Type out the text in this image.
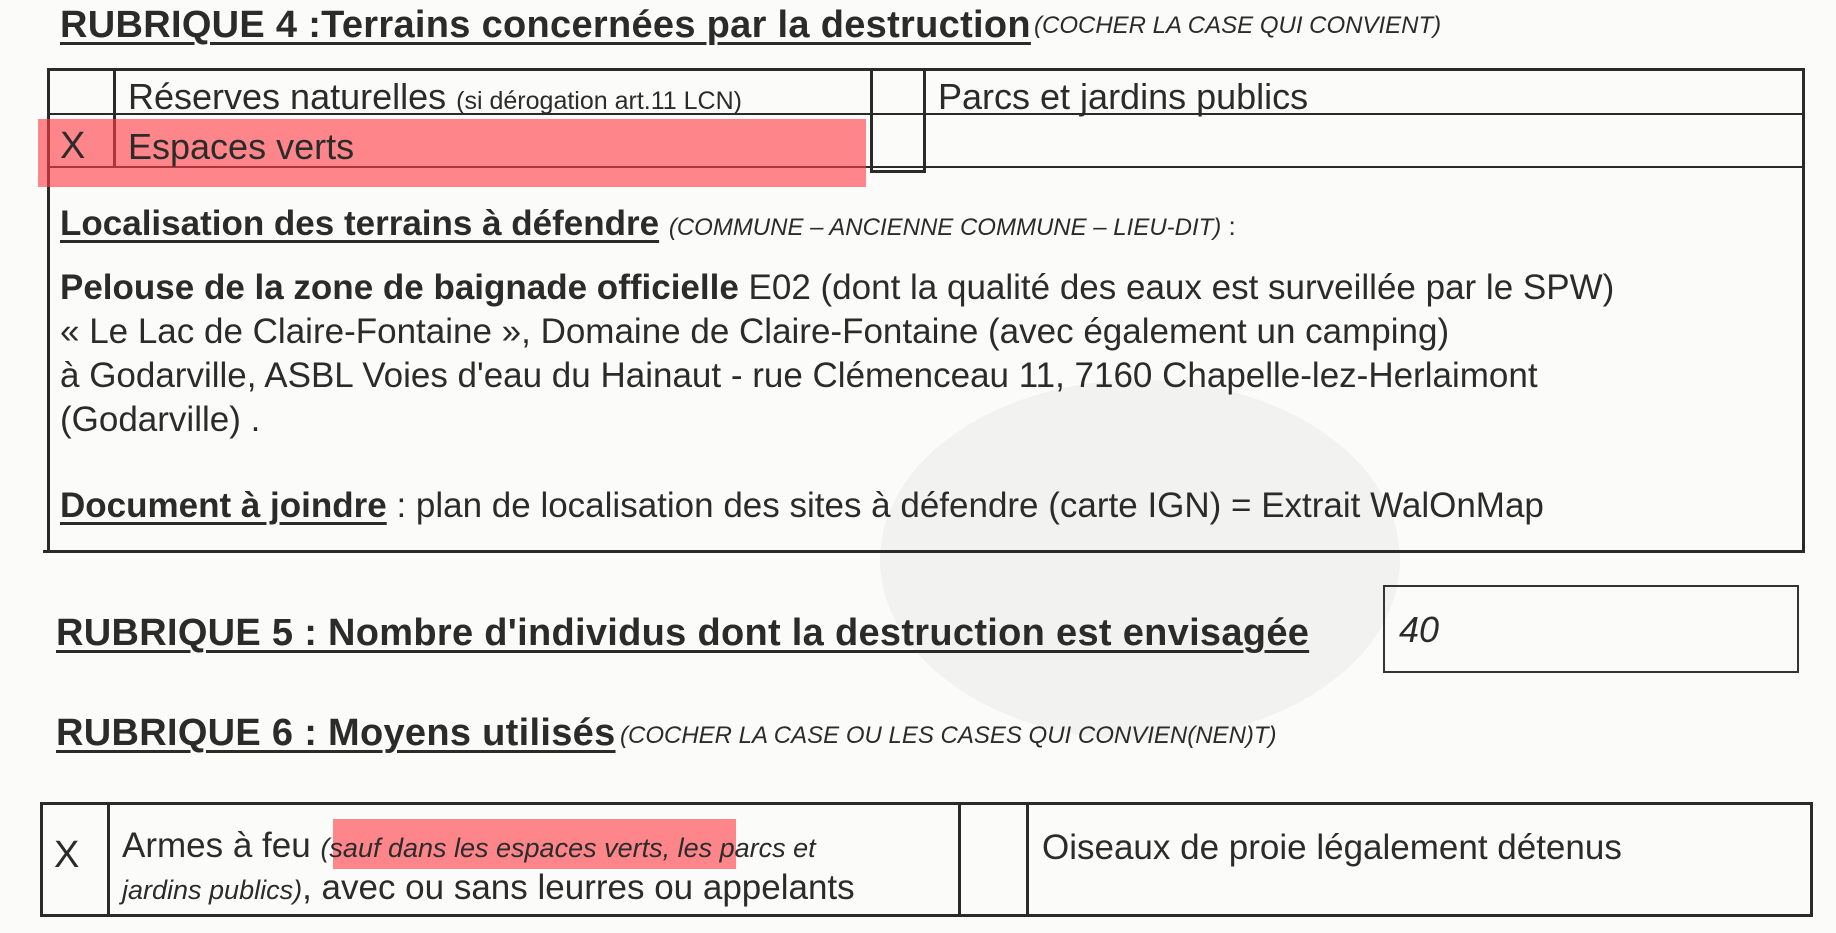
RUBRIQUE 4 :Terrains concernées par la destruction (COCHER LA CASE QUI CONVIENT)
Réserves naturelles (si dérogation art.11 LCN)
X Espaces verts
Parcs et jardins publics
Localisation des terrains à défendre (COMMUNE – ANCIENNE COMMUNE – LIEU-DIT) :
Pelouse de la zone de baignade officielle E02 (dont la qualité des eaux est surveillée par le SPW)
« Le Lac de Claire-Fontaine », Domaine de Claire-Fontaine (avec également un camping)
à Godarville, ASBL Voies d'eau du Hainaut - rue Clémenceau 11, 7160 Chapelle-lez-Herlaimont
(Godarville) .
Document à joindre : plan de localisation des sites à défendre (carte IGN) = Extrait WalOnMap
RUBRIQUE 5 : Nombre d'individus dont la destruction est envisagée 40
RUBRIQUE 6 : Moyens utilisés (COCHER LA CASE OU LES CASES QUI CONVIEN(NEN)T)
X Armes à feu (sauf dans les espaces verts, les parcs et
jardins publics), avec ou sans leurres ou appelants
Oiseaux de proie légalement détenus
